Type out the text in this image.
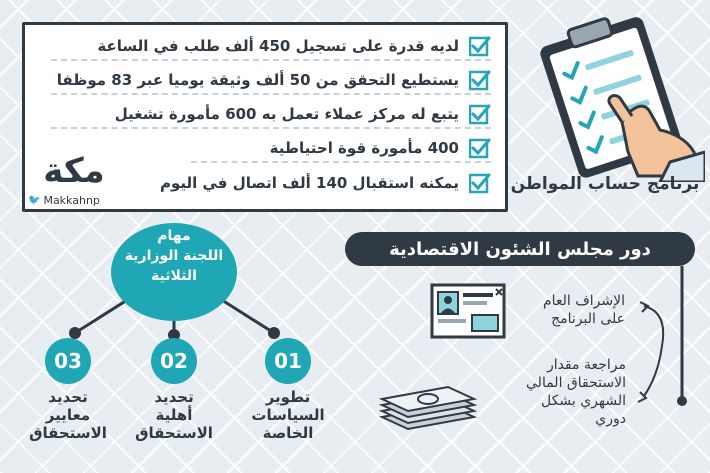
لديه قدرة على تسجيل 450 ألف طلب في الساعة
يستطيع التحقق من 50 ألف وثيقة يوميا عبر 83 موظفا
يتبع له مركز عملاء تعمل به 600 مأمورة تشغيل
400 مأمورة قوة احتياطية
يمكنه استقبال 140 ألف اتصال في اليوم
مكة
🐦 Makkahnp
برنامج حساب المواطن
مهام
اللجنة الوزارية
الثلاثية
01
تطوير
السياسات
الخاصة
02
تحديد
أهلية
الاستحقاق
03
تحديد
معايير
الاستحقاق
دور مجلس الشئون الاقتصادية
الإشراف العام
على البرنامج
مراجعة مقدار
الاستحقاق المالي
الشهري بشكل
دوري
